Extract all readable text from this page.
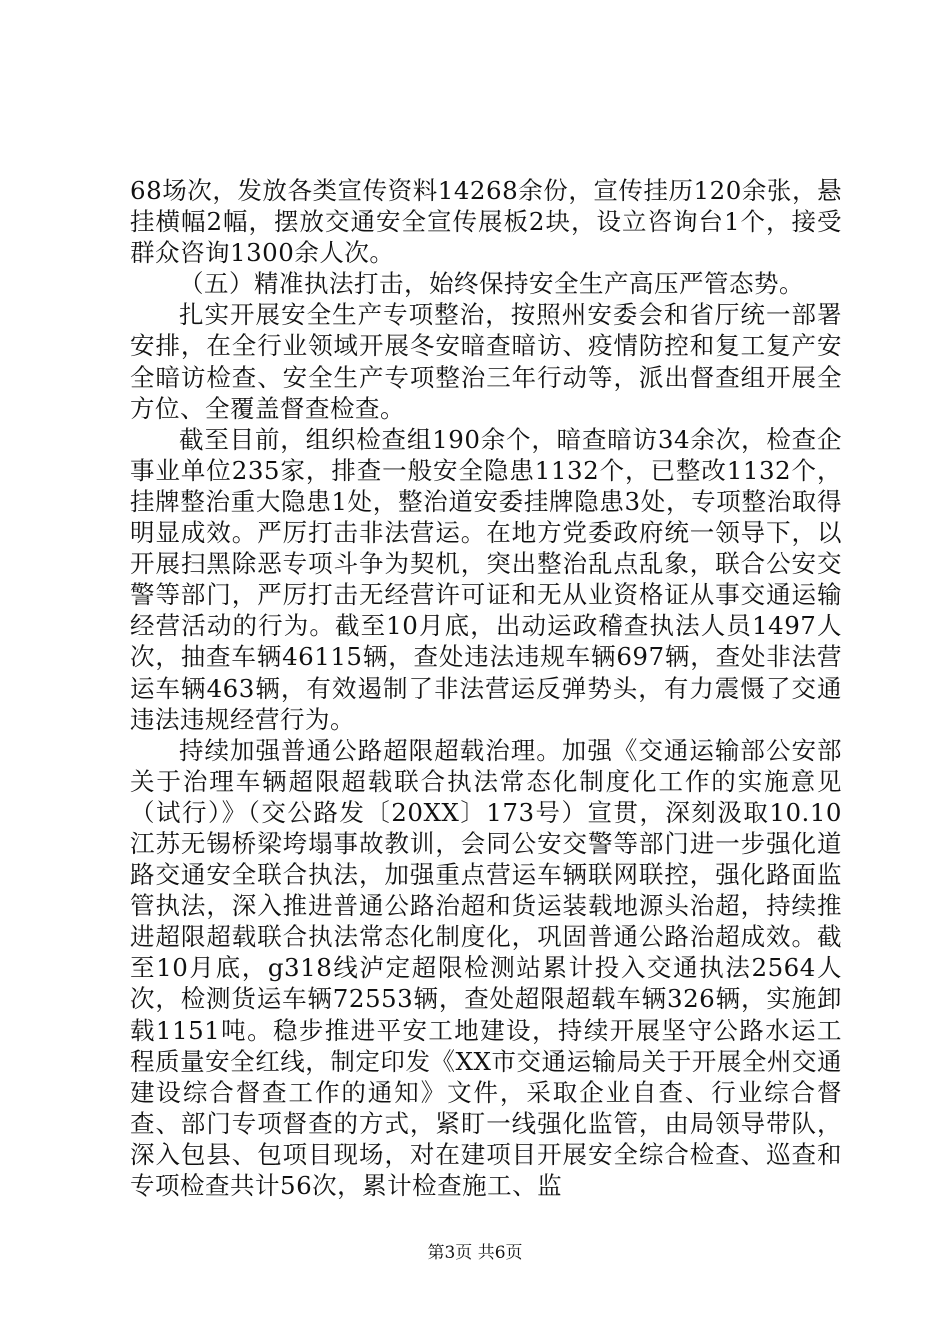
68场次，发放各类宣传资料14268余份，宣传挂历120余张，悬挂横幅2幅，摆放交通安全宣传展板2块，设立咨询台1个，接受群众咨询1300余人次。

（五）精准执法打击，始终保持安全生产高压严管态势。

扎实开展安全生产专项整治，按照州安委会和省厅统一部署安排，在全行业领域开展冬安暗查暗访、疫情防控和复工复产安全暗访检查、安全生产专项整治三年行动等，派出督查组开展全方位、全覆盖督查检查。

截至目前，组织检查组190余个，暗查暗访34余次，检查企事业单位235家，排查一般安全隐患1132个，已整改1132个，挂牌整治重大隐患1处，整治道安委挂牌隐患3处，专项整治取得明显成效。严厉打击非法营运。在地方党委政府统一领导下，以开展扫黑除恶专项斗争为契机，突出整治乱点乱象，联合公安交警等部门，严厉打击无经营许可证和无从业资格证从事交通运输经营活动的行为。截至10月底，出动运政稽查执法人员1497人次，抽查车辆46115辆，查处违法违规车辆697辆，查处非法营运车辆463辆，有效遏制了非法营运反弹势头，有力震慑了交通违法违规经营行为。

持续加强普通公路超限超载治理。加强《交通运输部公安部关于治理车辆超限超载联合执法常态化制度化工作的实施意见（试行）》（交公路发〔20XX〕173号）宣贯，深刻汲取10.10江苏无锡桥梁垮塌事故教训，会同公安交警等部门进一步强化道路交通安全联合执法，加强重点营运车辆联网联控，强化路面监管执法，深入推进普通公路治超和货运装载地源头治超，持续推进超限超载联合执法常态化制度化，巩固普通公路治超成效。截至10月底，g318线泸定超限检测站累计投入交通执法2564人次，检测货运车辆72553辆，查处超限超载车辆326辆，实施卸载1151吨。稳步推进平安工地建设，持续开展坚守公路水运工程质量安全红线，制定印发《XX市交通运输局关于开展全州交通建设综合督查工作的通知》文件，采取企业自查、行业综合督查、部门专项督查的方式，紧盯一线强化监管，由局领导带队，深入包县、包项目现场，对在建项目开展安全综合检查、巡查和专项检查共计56次，累计检查施工、监

第3页 共6页
